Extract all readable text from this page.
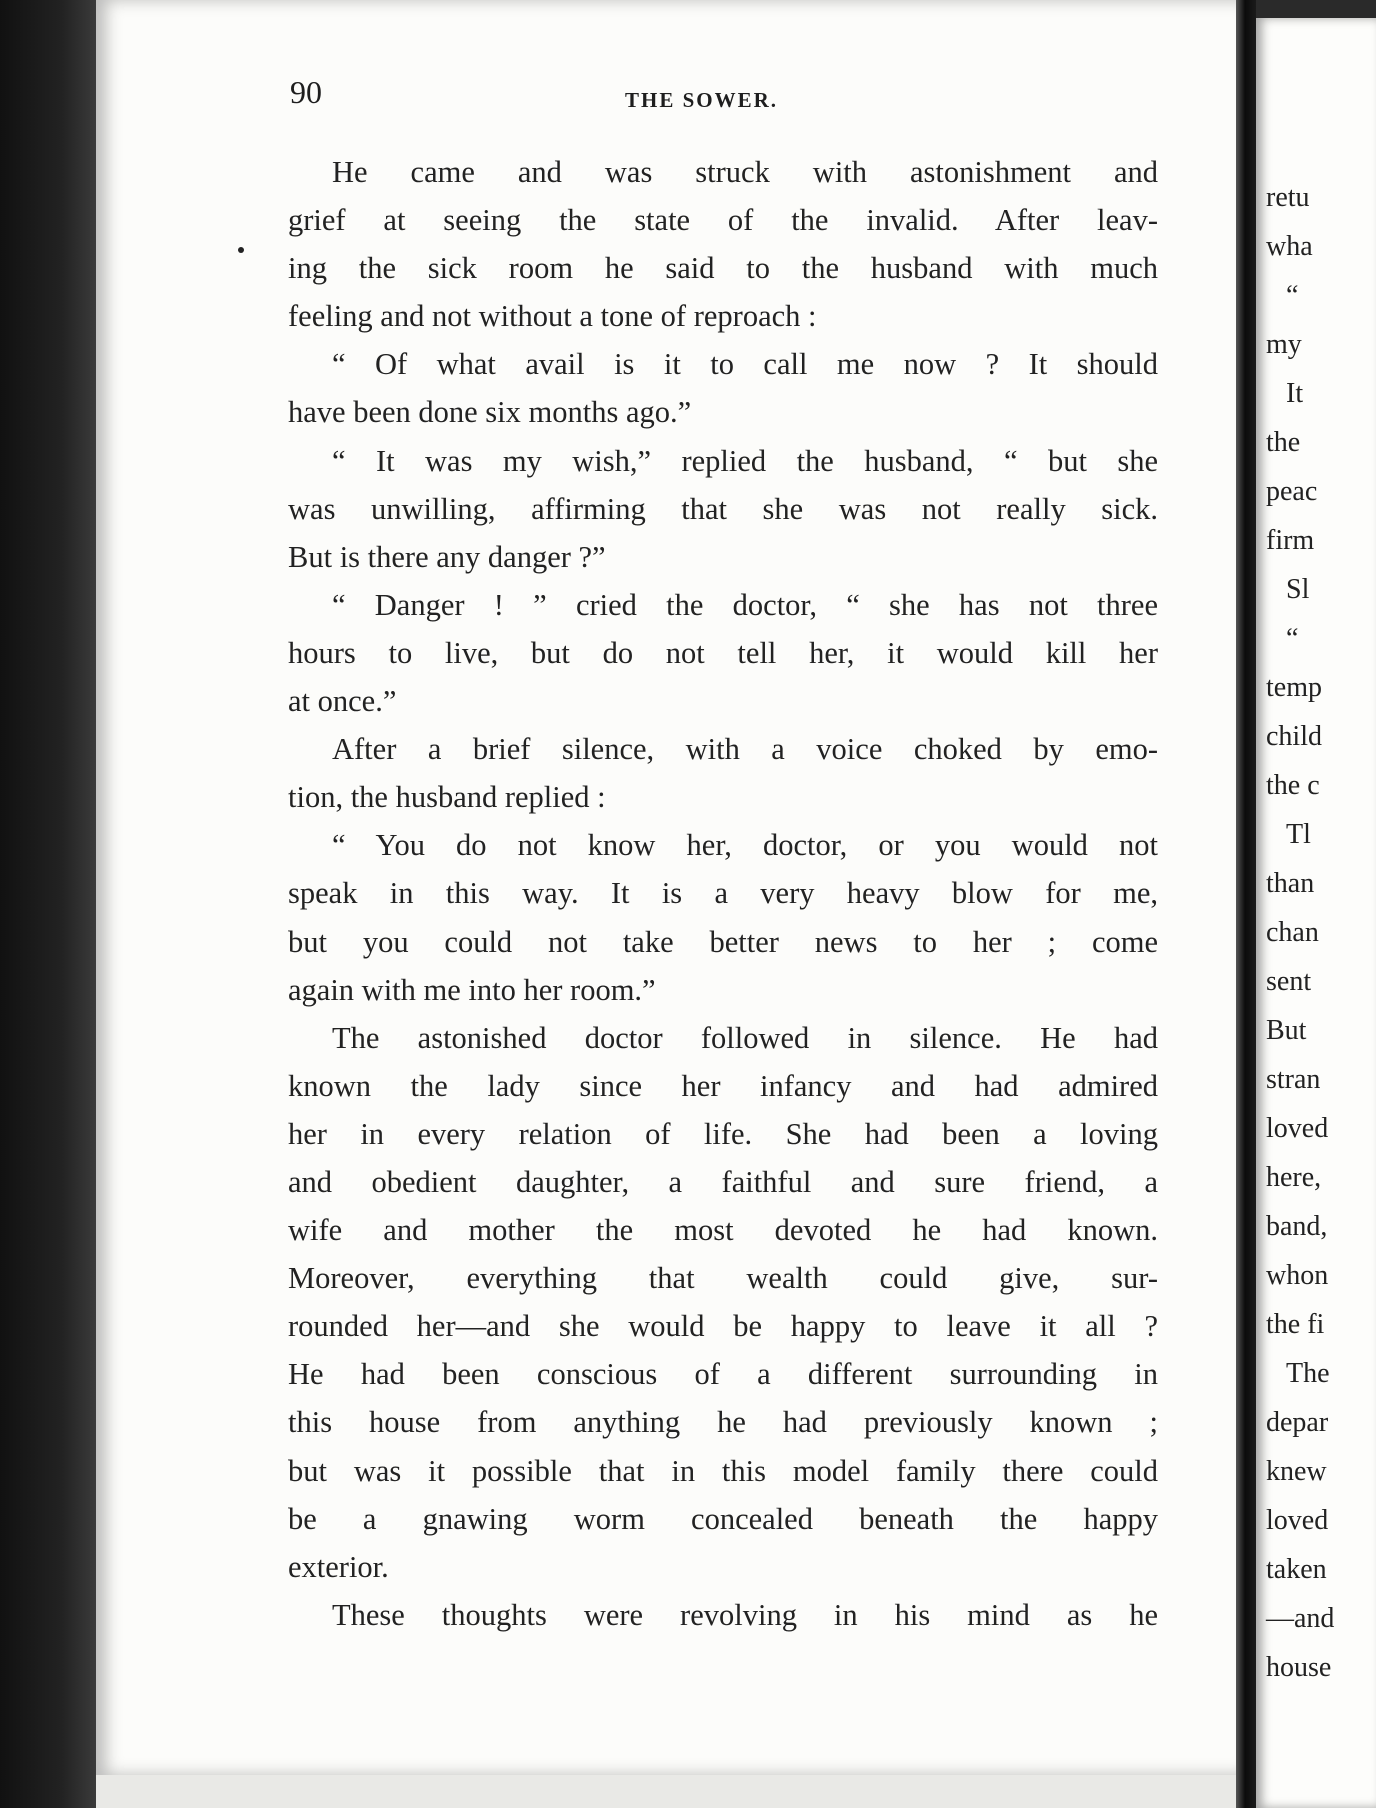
90	THE SOWER.
He came and was struck with astonishment and
grief at seeing the state of the invalid. After leav-
ing the sick room he said to the husband with much
feeling and not without a tone of reproach :
“ Of what avail is it to call me now ? It should
have been done six months ago.”
“ It was my wish,” replied the husband, “ but she
was unwilling, affirming that she was not really sick.
But is there any danger ?”
“ Danger ! ” cried the doctor, “ she has not three
hours to live, but do not tell her, it would kill her
at once.”
After a brief silence, with a voice choked by emo-
tion, the husband replied :
“ You do not know her, doctor, or you would not
speak in this way. It is a very heavy blow for me,
but you could not take better news to her ; come
again with me into her room.”
The astonished doctor followed in silence. He had
known the lady since her infancy and had admired
her in every relation of life. She had been a loving
and obedient daughter, a faithful and sure friend, a
wife and mother the most devoted he had known.
Moreover, everything that wealth could give, sur-
rounded her—and she would be happy to leave it all ?
He had been conscious of a different surrounding in
this house from anything he had previously known ;
but was it possible that in this model family there could
be a gnawing worm concealed beneath the happy
exterior.
These thoughts were revolving in his mind as he
retu
wha
“
my
It
the
peac
firm
Sl
“
temp
child
the c
Tl
than
chan
sent
But
stran
loved
here,
band,
whon
the fi
The
depar
knew
loved
taken
—and
house
